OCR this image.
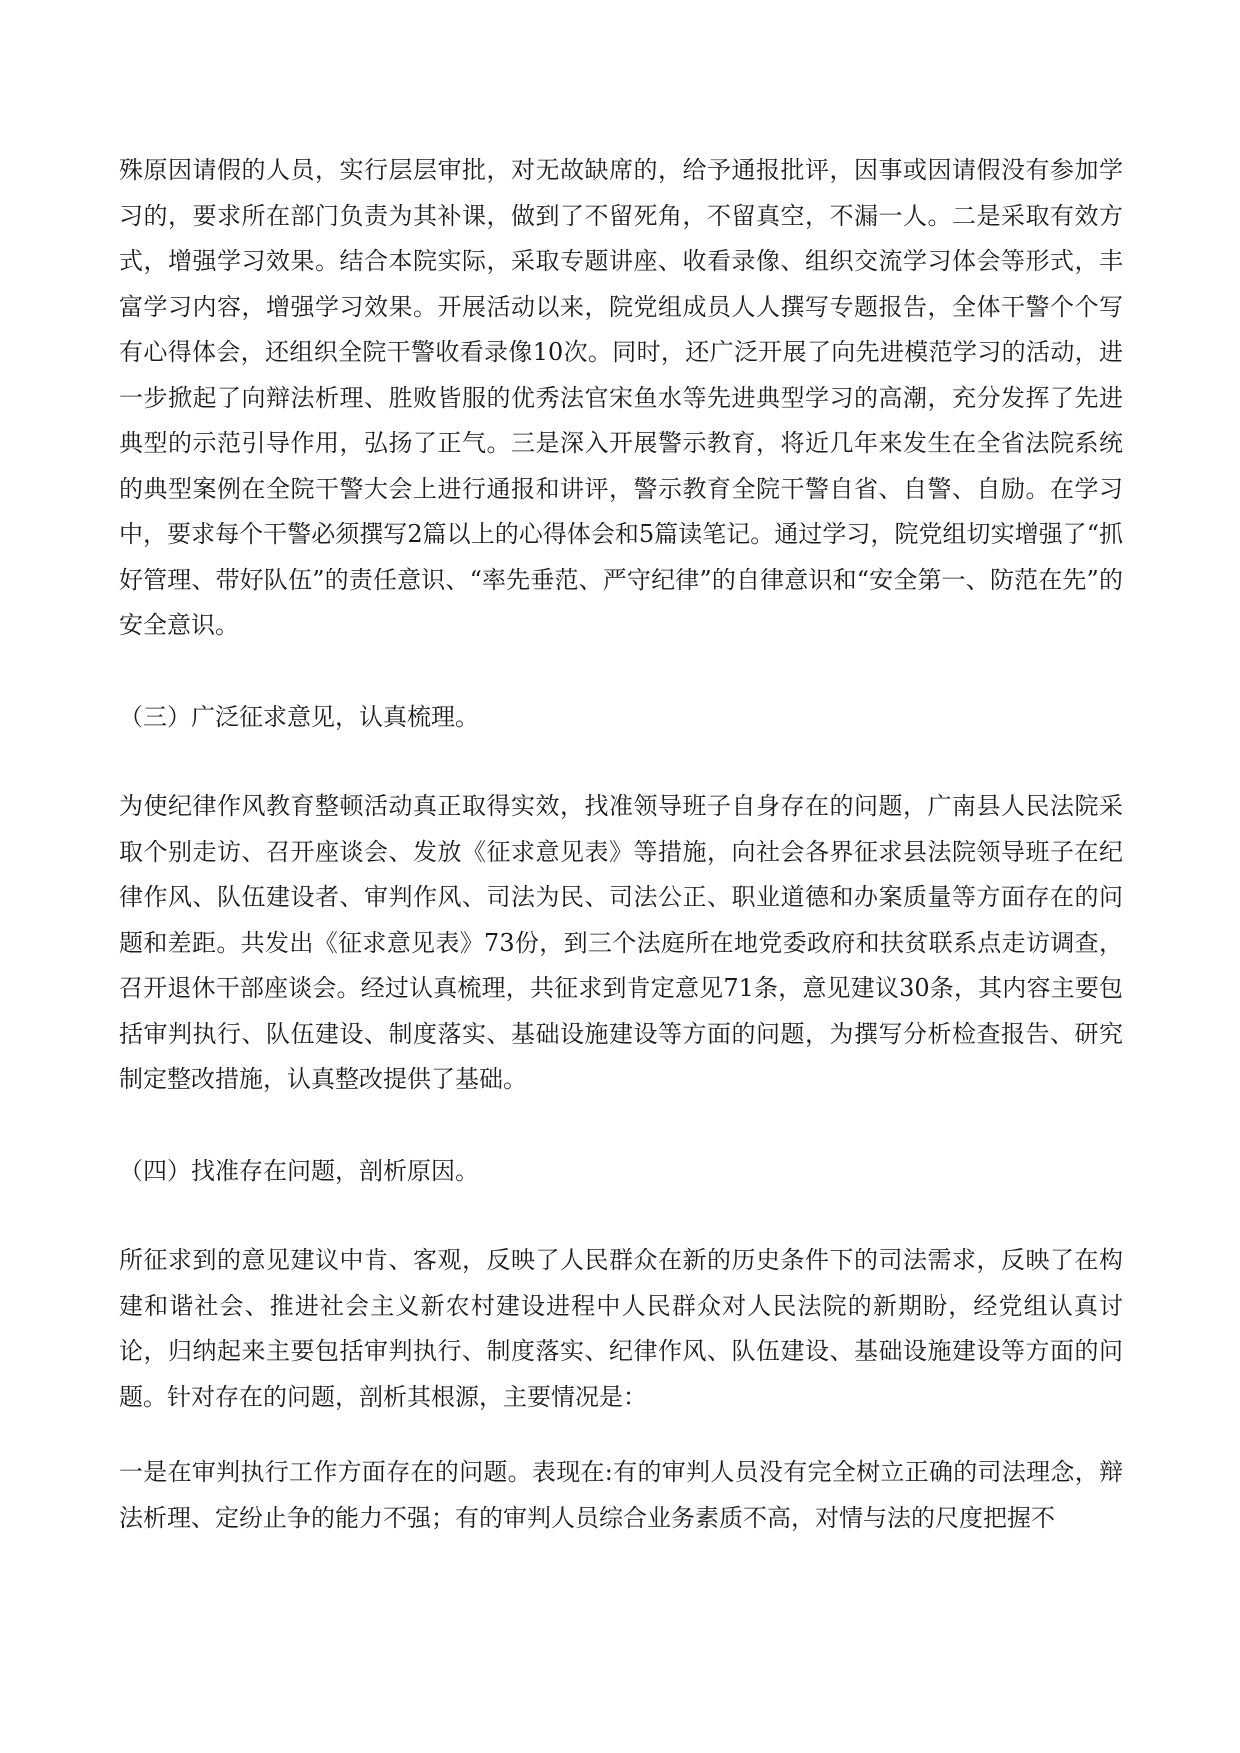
殊原因请假的人员，实行层层审批，对无故缺席的，给予通报批评，因事或因请假没有参加学习的，要求所在部门负责为其补课，做到了不留死角，不留真空，不漏一人。二是采取有效方式，增强学习效果。结合本院实际，采取专题讲座、收看录像、组织交流学习体会等形式，丰富学习内容，增强学习效果。开展活动以来，院党组成员人人撰写专题报告，全体干警个个写有心得体会，还组织全院干警收看录像10次。同时，还广泛开展了向先进模范学习的活动，进一步掀起了向辩法析理、胜败皆服的优秀法官宋鱼水等先进典型学习的高潮，充分发挥了先进典型的示范引导作用，弘扬了正气。三是深入开展警示教育，将近几年来发生在全省法院系统的典型案例在全院干警大会上进行通报和讲评，警示教育全院干警自省、自警、自励。在学习中，要求每个干警必须撰写2篇以上的心得体会和5篇读笔记。通过学习，院党组切实增强了“抓好管理、带好队伍”的责任意识、“率先垂范、严守纪律”的自律意识和“安全第一、防范在先”的安全意识。

（三）广泛征求意见，认真梳理。

为使纪律作风教育整顿活动真正取得实效，找准领导班子自身存在的问题，广南县人民法院采取个别走访、召开座谈会、发放《征求意见表》等措施，向社会各界征求县法院领导班子在纪律作风、队伍建设者、审判作风、司法为民、司法公正、职业道德和办案质量等方面存在的问题和差距。共发出《征求意见表》73份，到三个法庭所在地党委政府和扶贫联系点走访调查，召开退休干部座谈会。经过认真梳理，共征求到肯定意见71条，意见建议30条，其内容主要包括审判执行、队伍建设、制度落实、基础设施建设等方面的问题，为撰写分析检查报告、研究制定整改措施，认真整改提供了基础。

（四）找准存在问题，剖析原因。

所征求到的意见建议中肯、客观，反映了人民群众在新的历史条件下的司法需求，反映了在构建和谐社会、推进社会主义新农村建设进程中人民群众对人民法院的新期盼，经党组认真讨论，归纳起来主要包括审判执行、制度落实、纪律作风、队伍建设、基础设施建设等方面的问题。针对存在的问题，剖析其根源，主要情况是：

一是在审判执行工作方面存在的问题。表现在:有的审判人员没有完全树立正确的司法理念，辩法析理、定纷止争的能力不强；有的审判人员综合业务素质不高，对情与法的尺度把握不
